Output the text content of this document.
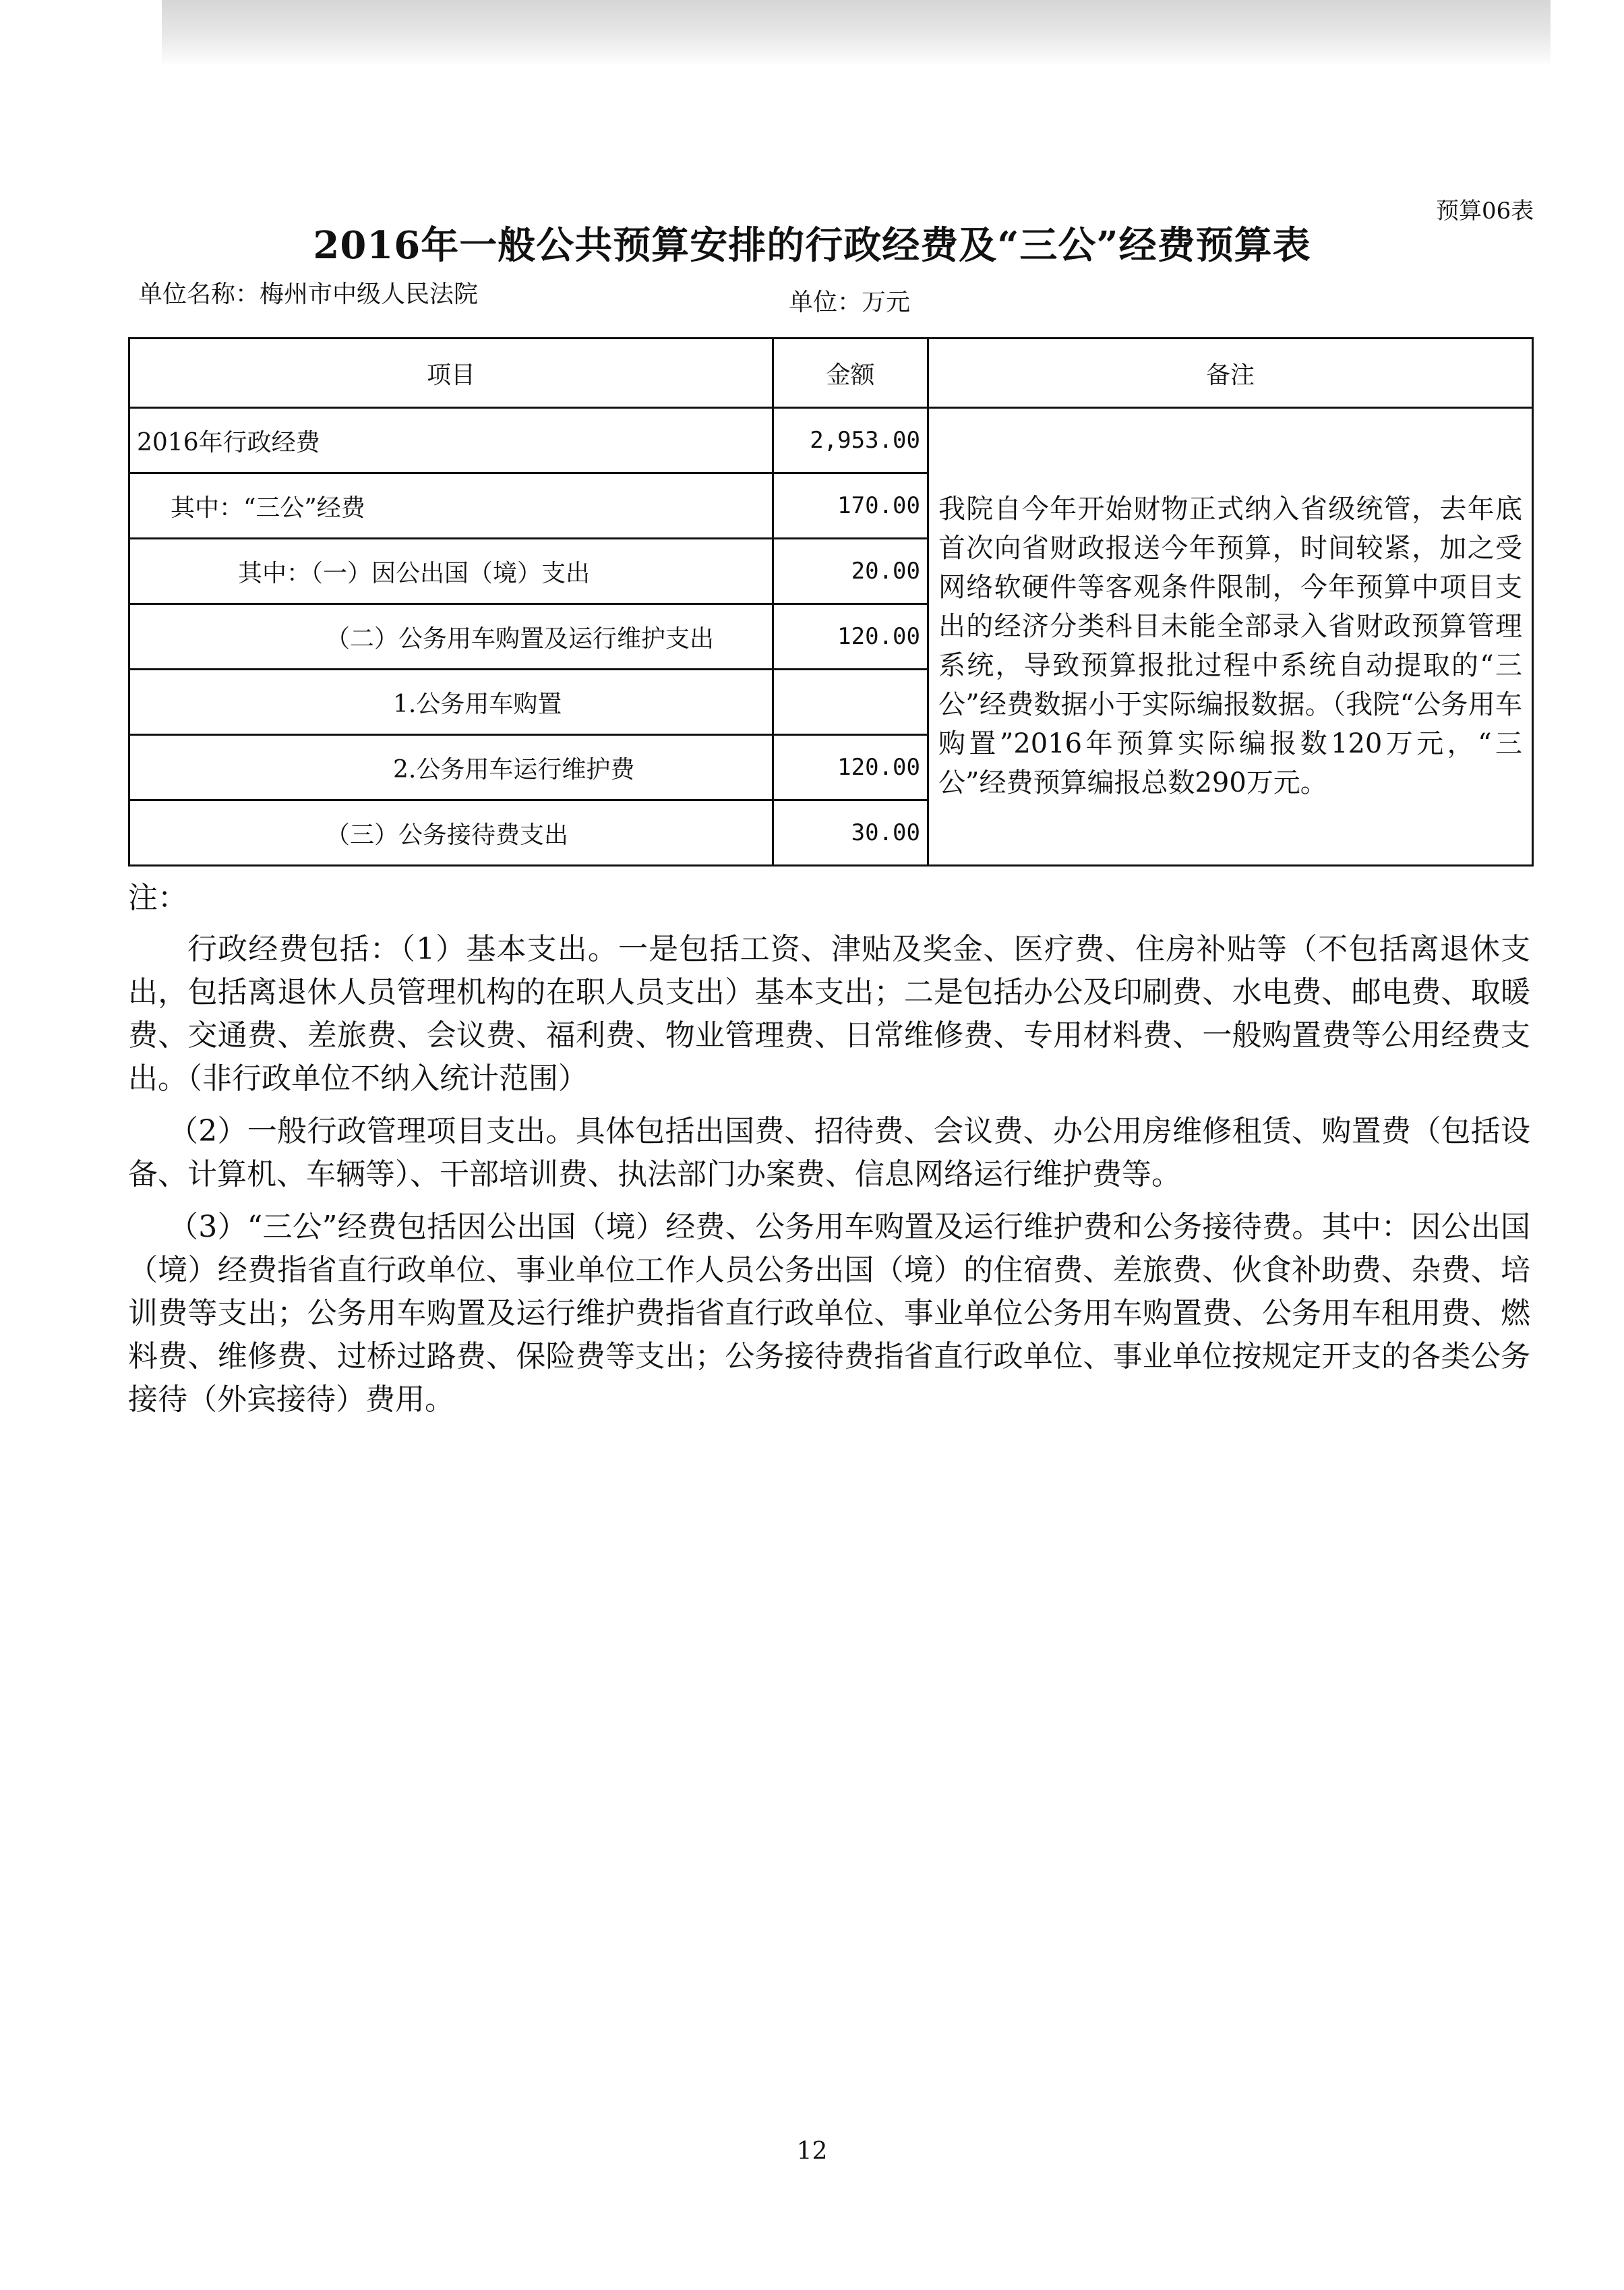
预算06表
2016年一般公共预算安排的行政经费及“三公”经费预算表
单位名称：梅州市中级人民法院	单位：万元
项目	金额	备注
2016年行政经费	2,953.00	我院自今年开始财物正式纳入省级统管，去年底首次向省财政报送今年预算，时间较紧，加之受网络软硬件等客观条件限制，今年预算中项目支出的经济分类科目未能全部录入省财政预算管理系统，导致预算报批过程中系统自动提取的“三公”经费数据小于实际编报数据。（我院“公务用车购置”2016年预算实际编报数120万元，“三公”经费预算编报总数290万元。
其中：“三公”经费	170.00	
其中：（一）因公出国（境）支出	20.00	
（二）公务用车购置及运行维护支出	120.00	
1.公务用车购置		
2.公务用车运行维护费	120.00	
（三）公务接待费支出	30.00	

注：

行政经费包括：（1）基本支出。一是包括工资、津贴及奖金、医疗费、住房补贴等（不包括离退休支出，包括离退休人员管理机构的在职人员支出）基本支出；二是包括办公及印刷费、水电费、邮电费、取暖费、交通费、差旅费、会议费、福利费、物业管理费、日常维修费、专用材料费、一般购置费等公用经费支出。（非行政单位不纳入统计范围）

（2）一般行政管理项目支出。具体包括出国费、招待费、会议费、办公用房维修租赁、购置费（包括设备、计算机、车辆等）、干部培训费、执法部门办案费、信息网络运行维护费等。

（3）“三公”经费包括因公出国（境）经费、公务用车购置及运行维护费和公务接待费。其中：因公出国（境）经费指省直行政单位、事业单位工作人员公务出国（境）的住宿费、差旅费、伙食补助费、杂费、培训费等支出；公务用车购置及运行维护费指省直行政单位、事业单位公务用车购置费、公务用车租用费、燃料费、维修费、过桥过路费、保险费等支出；公务接待费指省直行政单位、事业单位按规定开支的各类公务接待（外宾接待）费用。

12
